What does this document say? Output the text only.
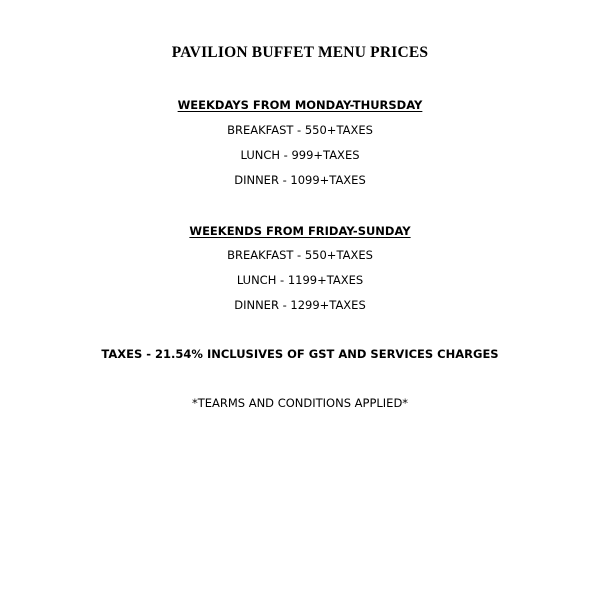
PAVILION BUFFET MENU PRICES
WEEKDAYS FROM MONDAY-THURSDAY
BREAKFAST - 550+TAXES
LUNCH - 999+TAXES
DINNER - 1099+TAXES
WEEKENDS FROM FRIDAY-SUNDAY
BREAKFAST - 550+TAXES
LUNCH - 1199+TAXES
DINNER - 1299+TAXES
TAXES - 21.54% INCLUSIVES OF GST AND SERVICES CHARGES
*TEARMS AND CONDITIONS APPLIED*
